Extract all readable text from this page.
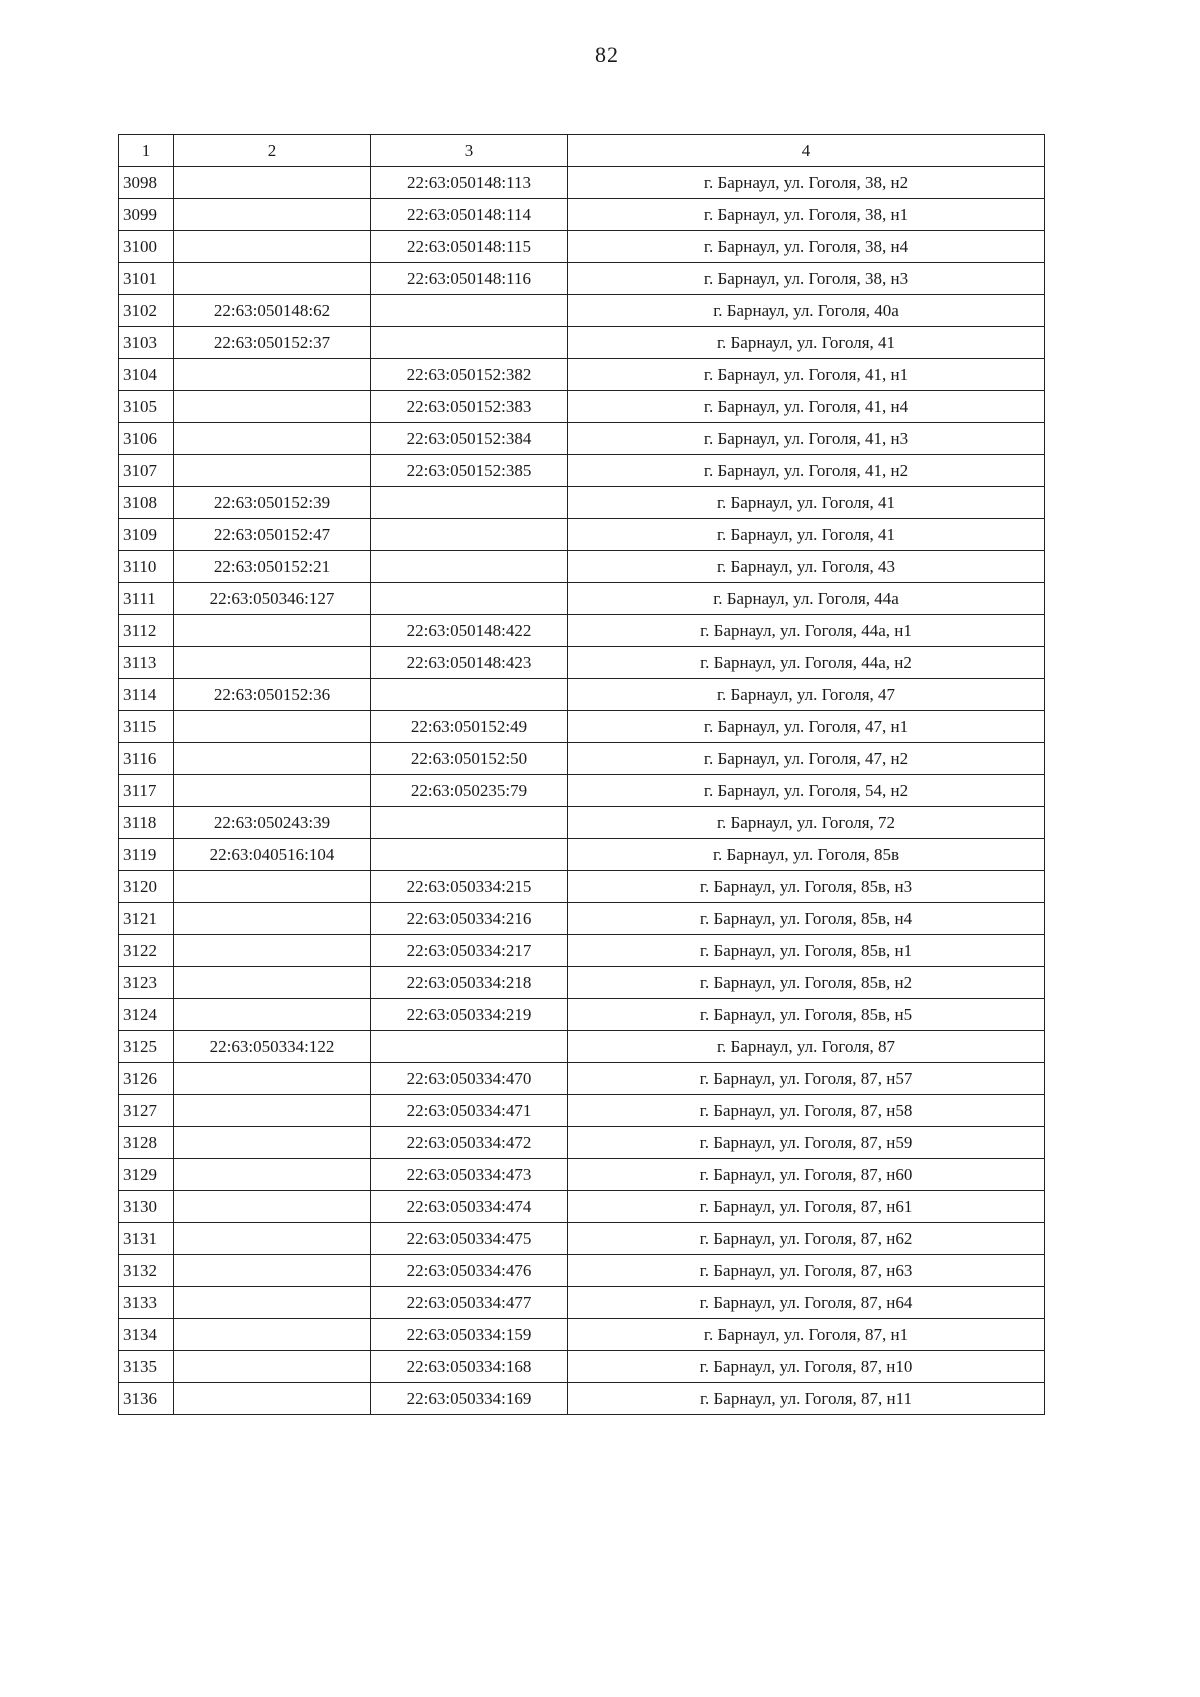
82
1	2	3	4
3098		22:63:050148:113	г. Барнаул, ул. Гоголя, 38, н2
3099		22:63:050148:114	г. Барнаул, ул. Гоголя, 38, н1
3100		22:63:050148:115	г. Барнаул, ул. Гоголя, 38, н4
3101		22:63:050148:116	г. Барнаул, ул. Гоголя, 38, н3
3102	22:63:050148:62		г. Барнаул, ул. Гоголя, 40а
3103	22:63:050152:37		г. Барнаул, ул. Гоголя, 41
3104		22:63:050152:382	г. Барнаул, ул. Гоголя, 41, н1
3105		22:63:050152:383	г. Барнаул, ул. Гоголя, 41, н4
3106		22:63:050152:384	г. Барнаул, ул. Гоголя, 41, н3
3107		22:63:050152:385	г. Барнаул, ул. Гоголя, 41, н2
3108	22:63:050152:39		г. Барнаул, ул. Гоголя, 41
3109	22:63:050152:47		г. Барнаул, ул. Гоголя, 41
3110	22:63:050152:21		г. Барнаул, ул. Гоголя, 43
3111	22:63:050346:127		г. Барнаул, ул. Гоголя, 44а
3112		22:63:050148:422	г. Барнаул, ул. Гоголя, 44а, н1
3113		22:63:050148:423	г. Барнаул, ул. Гоголя, 44а, н2
3114	22:63:050152:36		г. Барнаул, ул. Гоголя, 47
3115		22:63:050152:49	г. Барнаул, ул. Гоголя, 47, н1
3116		22:63:050152:50	г. Барнаул, ул. Гоголя, 47, н2
3117		22:63:050235:79	г. Барнаул, ул. Гоголя, 54, н2
3118	22:63:050243:39		г. Барнаул, ул. Гоголя, 72
3119	22:63:040516:104		г. Барнаул, ул. Гоголя, 85в
3120		22:63:050334:215	г. Барнаул, ул. Гоголя, 85в, н3
3121		22:63:050334:216	г. Барнаул, ул. Гоголя, 85в, н4
3122		22:63:050334:217	г. Барнаул, ул. Гоголя, 85в, н1
3123		22:63:050334:218	г. Барнаул, ул. Гоголя, 85в, н2
3124		22:63:050334:219	г. Барнаул, ул. Гоголя, 85в, н5
3125	22:63:050334:122		г. Барнаул, ул. Гоголя, 87
3126		22:63:050334:470	г. Барнаул, ул. Гоголя, 87, н57
3127		22:63:050334:471	г. Барнаул, ул. Гоголя, 87, н58
3128		22:63:050334:472	г. Барнаул, ул. Гоголя, 87, н59
3129		22:63:050334:473	г. Барнаул, ул. Гоголя, 87, н60
3130		22:63:050334:474	г. Барнаул, ул. Гоголя, 87, н61
3131		22:63:050334:475	г. Барнаул, ул. Гоголя, 87, н62
3132		22:63:050334:476	г. Барнаул, ул. Гоголя, 87, н63
3133		22:63:050334:477	г. Барнаул, ул. Гоголя, 87, н64
3134		22:63:050334:159	г. Барнаул, ул. Гоголя, 87, н1
3135		22:63:050334:168	г. Барнаул, ул. Гоголя, 87, н10
3136		22:63:050334:169	г. Барнаул, ул. Гоголя, 87, н11
